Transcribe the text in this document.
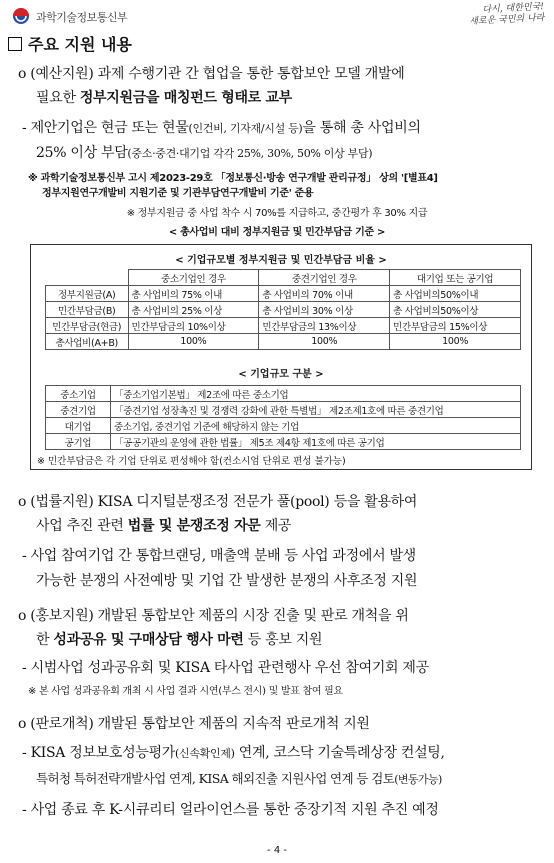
과학기술정보통신부
다시, 대한민국!
새로운 국민의 나라
주요 지원 내용
o (예산지원) 과제 수행기관 간 협업을 통한 통합보안 모델 개발에
필요한 정부지원금을 매칭펀드 형태로 교부
- 제안기업은 현금 또는 현물(인건비, 기자재/시설 등)을 통해 총 사업비의
25% 이상 부담(중소·중견·대기업 각각 25%, 30%, 50% 이상 부담)
※ 과학기술정보통신부 고시 제2023-29호 「정보통신·방송 연구개발 관리규정」 상의 '[별표4]
정부지원연구개발비 지원기준 및 기관부담연구개발비 기준' 준용
※ 정부지원금 중 사업 착수 시 70%를 지급하고, 중간평가 후 30% 지급
< 총사업비 대비 정부지원금 및 민간부담금 기준 >
< 기업규모별 정부지원금 및 민간부담금 비율 >
	중소기업인 경우	중견기업인 경우	대기업 또는 공기업
정부지원금(A)	총 사업비의 75% 이내	총 사업비의 70% 이내	총 사업비의50%이내
민간부담금(B)	총 사업비의 25% 이상	총 사업비의 30% 이상	총 사업비의50%이상
민간부담금(현금)	민간부담금의 10%이상	민간부담금의 13%이상	민간부담금의 15%이상
총사업비(A+B)	100%	100%	100%
< 기업규모 구분 >
중소기업	「중소기업기본법」 제2조에 따른 중소기업
중견기업	「중견기업 성장촉진 및 경쟁력 강화에 관한 특별법」 제2조제1호에 따른 중견기업
대기업	중소기업, 중견기업 기준에 해당하지 않는 기업
공기업	「공공기관의 운영에 관한 법률」 제5조 제4항 제1호에 따른 공기업
※ 민간부담금은 각 기업 단위로 편성해야 함(컨소시엄 단위로 편성 불가능)
o (법률지원) KISA 디지털분쟁조정 전문가 풀(pool) 등을 활용하여
사업 추진 관련 법률 및 분쟁조정 자문 제공
- 사업 참여기업 간 통합브랜딩, 매출액 분배 등 사업 과정에서 발생
가능한 분쟁의 사전예방 및 기업 간 발생한 분쟁의 사후조정 지원
o (홍보지원) 개발된 통합보안 제품의 시장 진출 및 판로 개척을 위
한 성과공유 및 구매상담 행사 마련 등 홍보 지원
- 시범사업 성과공유회 및 KISA 타사업 관련행사 우선 참여기회 제공
※ 본 사업 성과공유회 개최 시 사업 결과 시연(부스 전시) 및 발표 참여 필요
o (판로개척) 개발된 통합보안 제품의 지속적 판로개척 지원
- KISA 정보보호성능평가(신속확인제) 연계, 코스닥 기술특례상장 컨설팅,
특허청 특허전략개발사업 연계, KISA 해외진출 지원사업 연계 등 검토(변동가능)
- 사업 종료 후 K-시큐리티 얼라이언스를 통한 중장기적 지원 추진 예정
- 4 -
